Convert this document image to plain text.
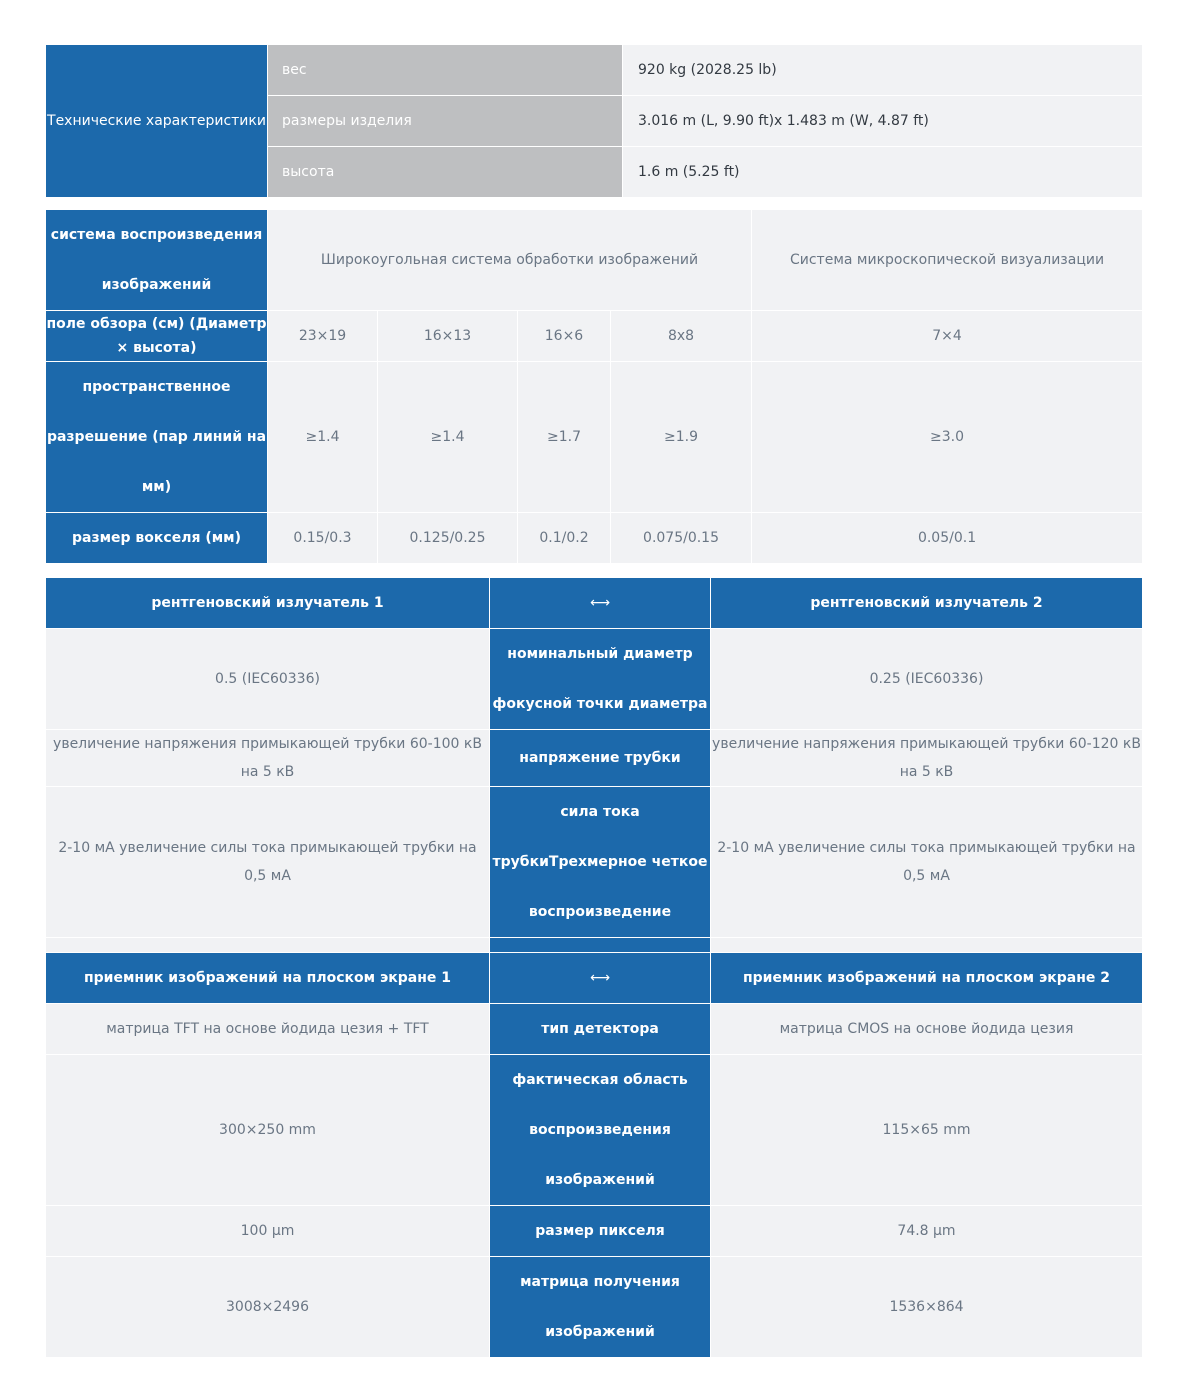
Технические характеристики	вес	920 kg (2028.25 lb)
	размеры изделия	3.016 m (L, 9.90 ft)x 1.483 m (W, 4.87 ft)
	высота	1.6 m (5.25 ft)
система воспроизведения изображений	Широкоугольная система обработки изображений				Система микроскопической визуализации
поле обзора (см) (Диаметр × высота)	23×19	16×13	16×6	8x8	7×4
пространственное разрешение (пар линий на мм)	≥1.4	≥1.4	≥1.7	≥1.9	≥3.0
размер вокселя (мм)	0.15/0.3	0.125/0.25	0.1/0.2	0.075/0.15	0.05/0.1
рентгеновский излучатель 1	⟷	рентгеновский излучатель 2
0.5 (IEC60336)	номинальный диаметр фокусной точки диаметра	0.25 (IEC60336)
увеличение напряжения примыкающей трубки 60-100 кВ на 5 кВ	напряжение трубки	увеличение напряжения примыкающей трубки 60-120 кВ на 5 кВ
2-10 мА увеличение силы тока примыкающей трубки на 0,5 мА	сила тока трубкиТрехмерное четкое воспроизведение	2-10 мА увеличение силы тока примыкающей трубки на 0,5 мА

приемник изображений на плоском экране 1	⟷	приемник изображений на плоском экране 2
матрица TFT на основе йодида цезия + TFT	тип детектора	матрица CMOS на основе йодида цезия
300×250 mm	фактическая область воспроизведения изображений	115×65 mm
100 μm	размер пикселя	74.8 μm
3008×2496	матрица получения изображений	1536×864
